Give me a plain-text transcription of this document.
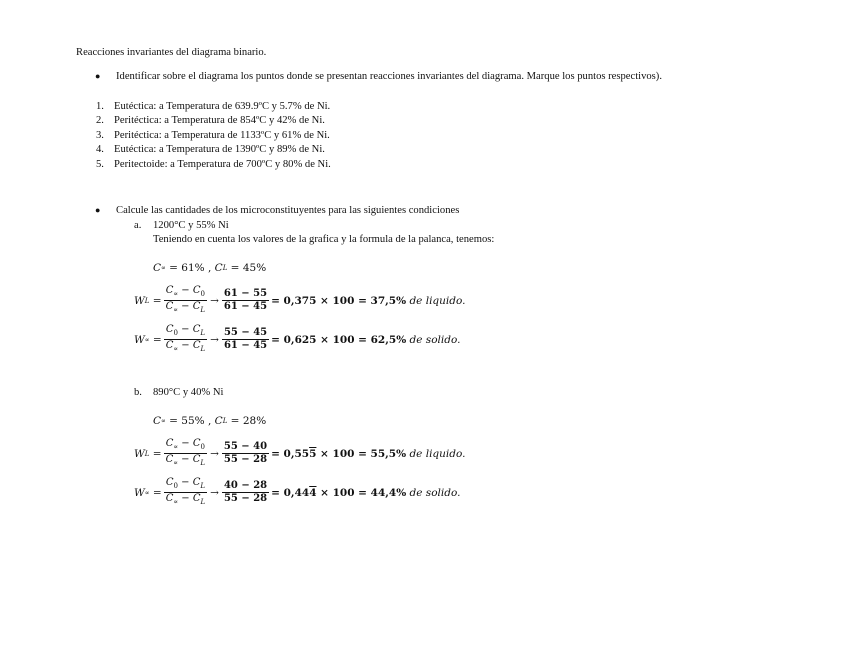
Reacciones invariantes del diagrama binario.
● Identificar sobre el diagrama los puntos donde se presentan reacciones invariantes del diagrama. Marque los puntos respectivos).
1. Eutéctica: a Temperatura de 639.9ºC y 5.7% de Ni.
2. Peritéctica: a Temperatura de 854ºC y 42% de Ni.
3. Peritéctica: a Temperatura de 1133ºC y 61% de Ni.
4. Eutéctica: a Temperatura de 1390ºC y 89% de Ni.
5. Peritectoide: a Temperatura de 700ºC y 80% de Ni.
● Calcule las cantidades de los microconstituyentes para las siguientes condiciones
a. 1200°C y 55% Ni
Teniendo en cuenta los valores de la grafica y la formula de la palanca, tenemos:
C ∝ = 61% , C L = 45%
W $L = \frac{C_\propto - C_0}{C_\propto - C_L} \to \frac{61 - 55}{61 - 45} = 0,375 \times 100 = 37,5\%$
de liquido.
W ∝ = $\frac{C_0 - C_L}{C_\propto - C_L} \to \frac{55 - 45}{61 - 45} = 0,625 \times 100 = 62,5\%$
de solido.
b. 890°C y 40% Ni
C ∝ = 55% , C L = 28%
W $L = \frac{C_\propto - C_0}{C_\propto - C_L} \to \frac{55 - 40}{55 - 28} = 0,555 \times 100 = 55,5\%$
de liquido.
W ∝ = $\frac{C_0 - C_L}{C_\propto - C_L} \to \frac{40 - 28}{55 - 28} = 0,444 \times 100 = 44,4\%$
de solido.
